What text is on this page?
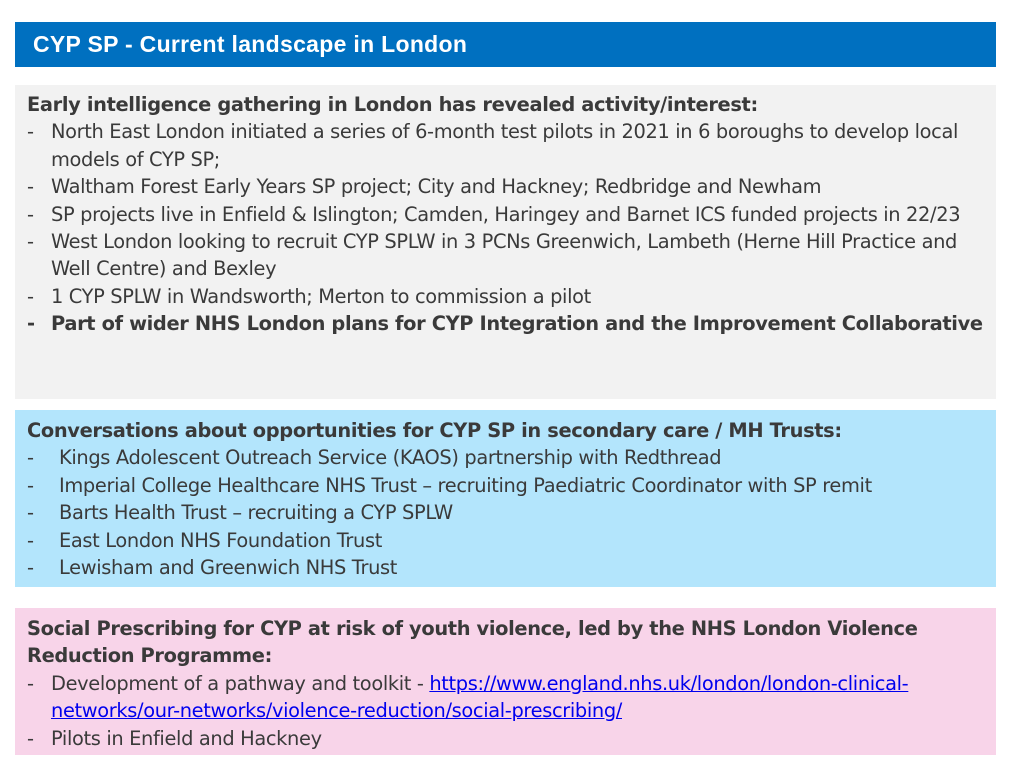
CYP SP - Current landscape in London
Early intelligence gathering in London has revealed activity/interest:
- North East London initiated a series of 6-month test pilots in 2021 in 6 boroughs to develop local models of CYP SP;
- Waltham Forest Early Years SP project; City and Hackney; Redbridge and Newham
- SP projects live in Enfield & Islington; Camden, Haringey and Barnet ICS funded projects in 22/23
- West London looking to recruit CYP SPLW in 3 PCNs Greenwich, Lambeth (Herne Hill Practice and Well Centre) and Bexley
- 1 CYP SPLW in Wandsworth; Merton to commission a pilot
- Part of wider NHS London plans for CYP Integration and the Improvement Collaborative
Conversations about opportunities for CYP SP in secondary care / MH Trusts:
- Kings Adolescent Outreach Service (KAOS) partnership with Redthread
- Imperial College Healthcare NHS Trust – recruiting Paediatric Coordinator with SP remit
- Barts Health Trust – recruiting a CYP SPLW
- East London NHS Foundation Trust
- Lewisham and Greenwich NHS Trust
Social Prescribing for CYP at risk of youth violence, led by the NHS London Violence Reduction Programme:
- Development of a pathway and toolkit - https://www.england.nhs.uk/london/london-clinical-networks/our-networks/violence-reduction/social-prescribing/
- Pilots in Enfield and Hackney
